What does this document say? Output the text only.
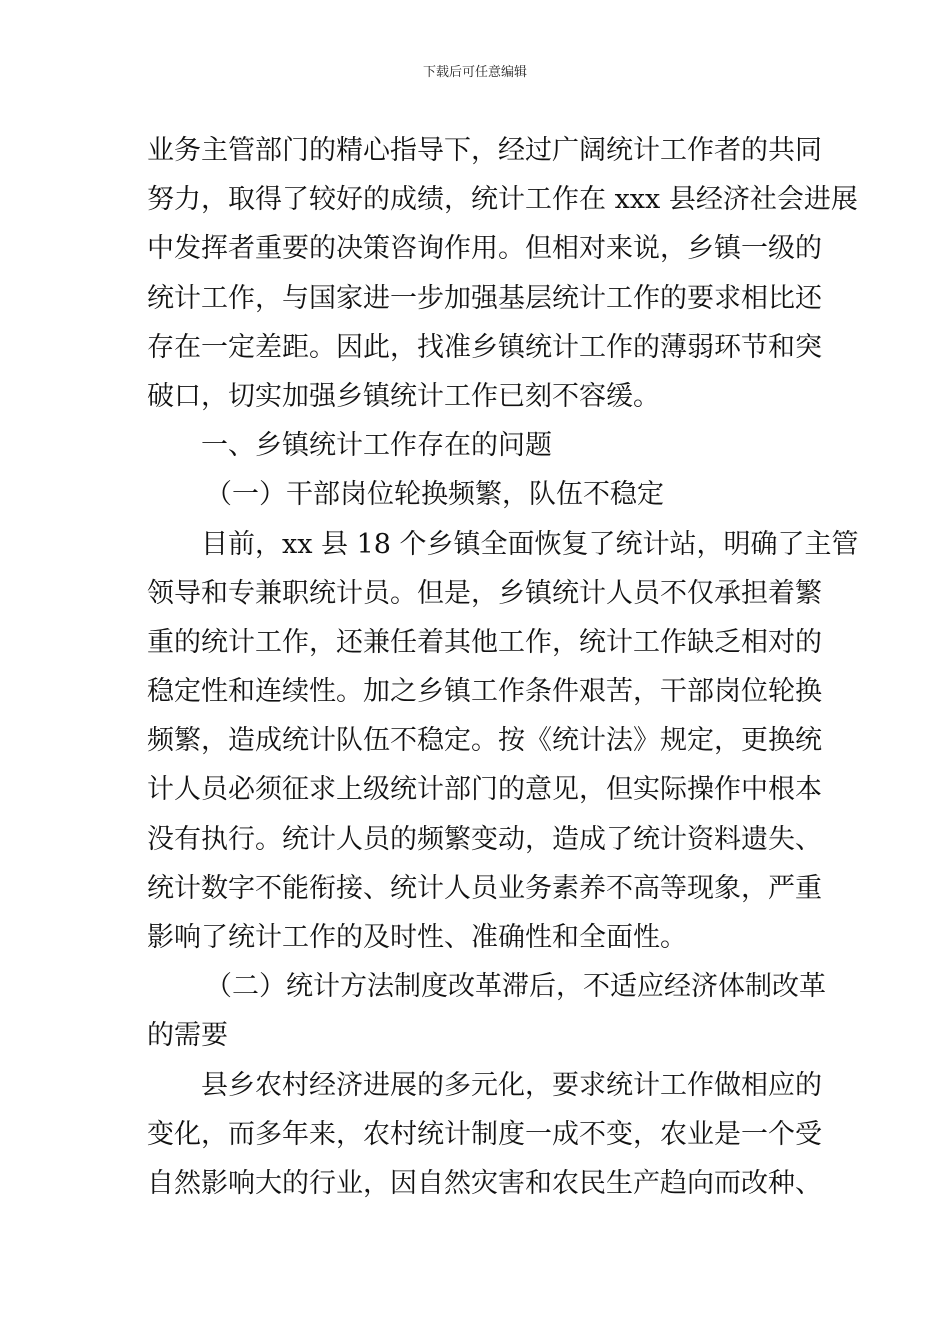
下载后可任意编辑
业务主管部门的精心指导下，经过广阔统计工作者的共同
努力，取得了较好的成绩，统计工作在 xxx 县经济社会进展
中发挥者重要的决策咨询作用。但相对来说，乡镇一级的
统计工作，与国家进一步加强基层统计工作的要求相比还
存在一定差距。因此，找准乡镇统计工作的薄弱环节和突
破口，切实加强乡镇统计工作已刻不容缓。
一、乡镇统计工作存在的问题
（一）干部岗位轮换频繁，队伍不稳定
目前，xx 县 18 个乡镇全面恢复了统计站，明确了主管
领导和专兼职统计员。但是，乡镇统计人员不仅承担着繁
重的统计工作，还兼任着其他工作，统计工作缺乏相对的
稳定性和连续性。加之乡镇工作条件艰苦，干部岗位轮换
频繁，造成统计队伍不稳定。按《统计法》规定，更换统
计人员必须征求上级统计部门的意见，但实际操作中根本
没有执行。统计人员的频繁变动，造成了统计资料遗失、
统计数字不能衔接、统计人员业务素养不高等现象，严重
影响了统计工作的及时性、准确性和全面性。
（二）统计方法制度改革滞后，不适应经济体制改革
的需要
县乡农村经济进展的多元化，要求统计工作做相应的
变化，而多年来，农村统计制度一成不变，农业是一个受
自然影响大的行业，因自然灾害和农民生产趋向而改种、
